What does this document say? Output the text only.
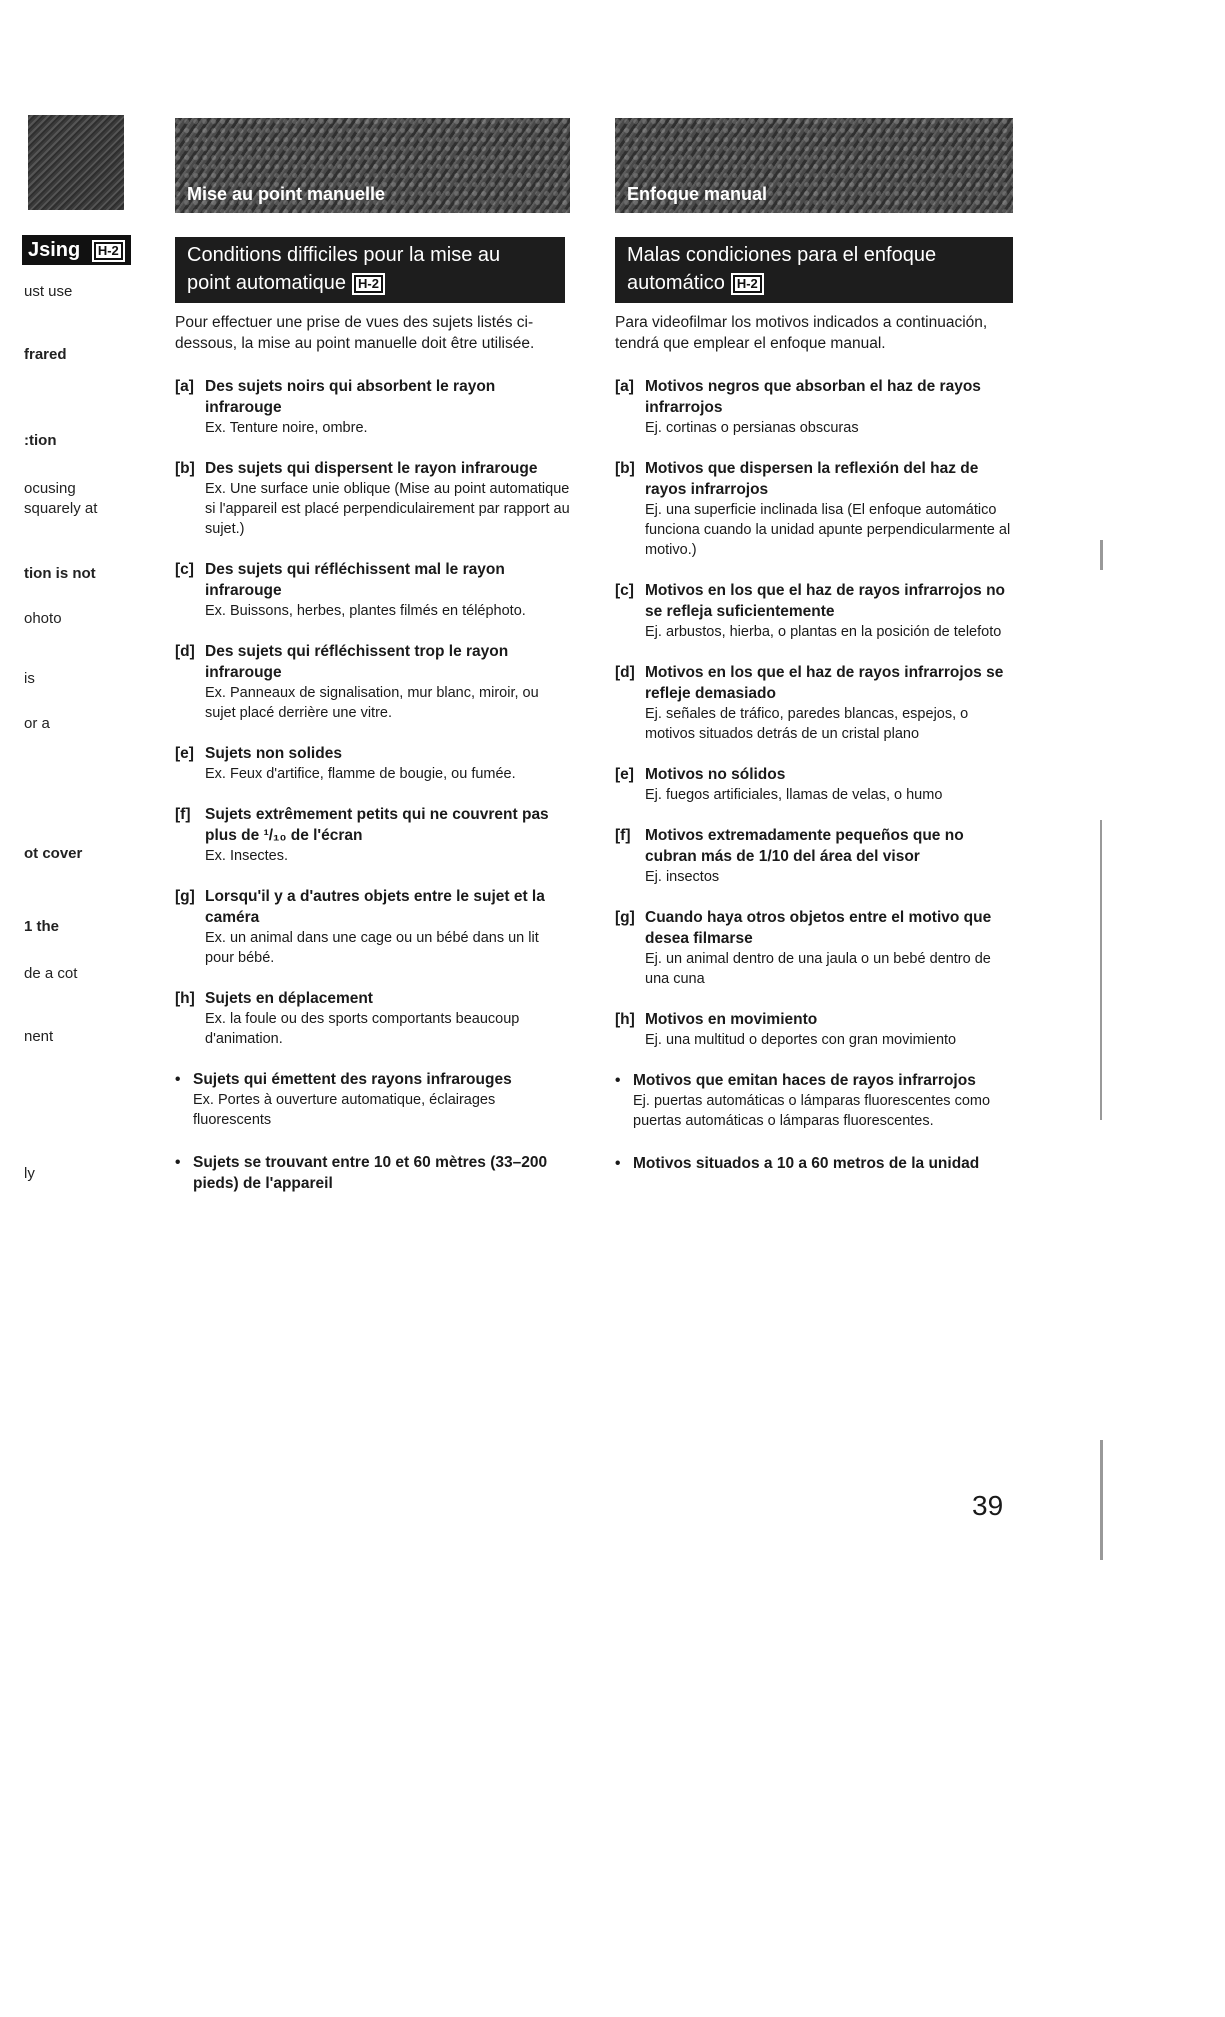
Jsing H-2
ust use
frared
:tion
ocusing
squarely at
tion is not
ohoto
is
or a
ot cover
1 the
de a cot
nent
ly
Mise au point manuelle
Conditions difficiles pour la mise au
point automatique H-2

Pour effectuer une prise de vues des sujets listés ci-dessous, la mise au point manuelle doit être utilisée.

[a] Des sujets noirs qui absorbent le rayon infrarouge
Ex. Tenture noire, ombre.
[b] Des sujets qui dispersent le rayon infrarouge
Ex. Une surface unie oblique (Mise au point automatique si l'appareil est placé perpendiculairement par rapport au sujet.)
[c] Des sujets qui réfléchissent mal le rayon infrarouge
Ex. Buissons, herbes, plantes filmés en téléphoto.
[d] Des sujets qui réfléchissent trop le rayon infrarouge
Ex. Panneaux de signalisation, mur blanc, miroir, ou sujet placé derrière une vitre.
[e] Sujets non solides
Ex. Feux d'artifice, flamme de bougie, ou fumée.
[f] Sujets extrêmement petits qui ne couvrent pas plus de ¹/₁₀ de l'écran
Ex. Insectes.
[g] Lorsqu'il y a d'autres objets entre le sujet et la caméra
Ex. un animal dans une cage ou un bébé dans un lit pour bébé.
[h] Sujets en déplacement
Ex. la foule ou des sports comportants beaucoup d'animation.
• Sujets qui émettent des rayons infrarouges
Ex. Portes à ouverture automatique, éclairages fluorescents
• Sujets se trouvant entre 10 et 60 mètres (33–200 pieds) de l'appareil
Enfoque manual
Malas condiciones para el enfoque
automático H-2

Para videofilmar los motivos indicados a continuación, tendrá que emplear el enfoque manual.

[a] Motivos negros que absorban el haz de rayos infrarrojos
Ej. cortinas o persianas obscuras
[b] Motivos que dispersen la reflexión del haz de rayos infrarrojos
Ej. una superficie inclinada lisa (El enfoque automático funciona cuando la unidad apunte perpendicularmente al motivo.)
[c] Motivos en los que el haz de rayos infrarrojos no se refleja suficientemente
Ej. arbustos, hierba, o plantas en la posición de telefoto
[d] Motivos en los que el haz de rayos infrarrojos se refleje demasiado
Ej. señales de tráfico, paredes blancas, espejos, o motivos situados detrás de un cristal plano
[e] Motivos no sólidos
Ej. fuegos artificiales, llamas de velas, o humo
[f] Motivos extremadamente pequeños que no cubran más de 1/10 del área del visor
Ej. insectos
[g] Cuando haya otros objetos entre el motivo que desea filmarse
Ej. un animal dentro de una jaula o un bebé dentro de una cuna
[h] Motivos en movimiento
Ej. una multitud o deportes con gran movimiento
• Motivos que emitan haces de rayos infrarrojos
Ej. puertas automáticas o lámparas fluorescentes como puertas automáticas o lámparas fluorescentes.
• Motivos situados a 10 a 60 metros de la unidad
39
